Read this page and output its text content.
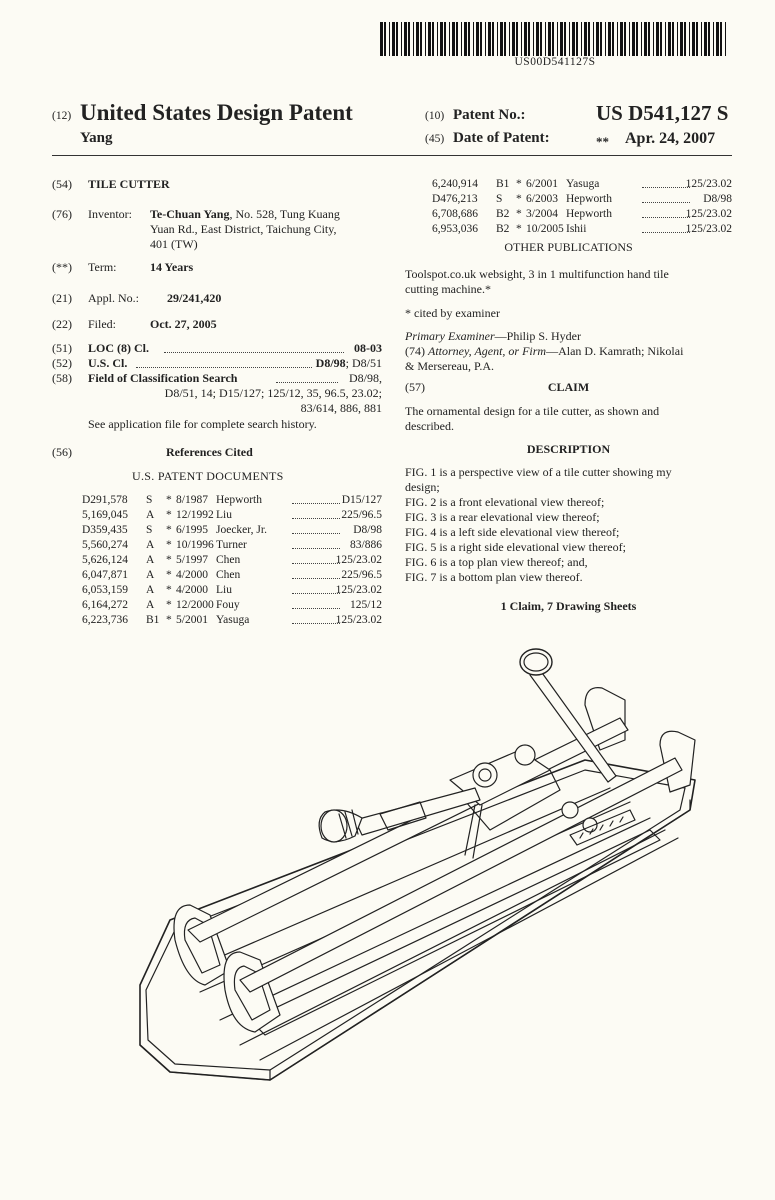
US00D541127S
(12) United States Design Patent
Yang
(10) Patent No.:	US D541,127 S
(45) Date of Patent:	** Apr. 24, 2007
(54) TILE CUTTER
(76) Inventor: Te-Chuan Yang, No. 528, Tung Kuang
Yuan Rd., East District, Taichung City,
401 (TW)
(**) Term:	14 Years
(21) Appl. No.: 29/241,420
(22) Filed:	Oct. 27, 2005
(51) LOC (8) Cl.	08-03
(52) U.S. Cl.	D8/98; D8/51
(58) Field of Classification Search	D8/98,
D8/51, 14; D15/127; 125/12, 35, 96.5, 23.02;
83/614, 886, 881
See application file for complete search history.
(56)	References Cited
U.S. PATENT DOCUMENTS
D291,578 S * 8/1987 Hepworth	D15/127
5,169,045 A * 12/1992 Liu	225/96.5
D359,435 S * 6/1995 Joecker, Jr.	D8/98
5,560,274 A * 10/1996 Turner	83/886
5,626,124 A * 5/1997 Chen	125/23.02
6,047,871 A * 4/2000 Chen	225/96.5
6,053,159 A * 4/2000 Liu	125/23.02
6,164,272 A * 12/2000 Fouy	125/12
6,223,736 B1 * 5/2001 Yasuga	125/23.02
6,240,914 B1 * 6/2001 Yasuga	125/23.02
D476,213 S * 6/2003 Hepworth	D8/98
6,708,686 B2 * 3/2004 Hepworth	125/23.02
6,953,036 B2 * 10/2005 Ishii	125/23.02
OTHER PUBLICATIONS
Toolspot.co.uk websight, 3 in 1 multifunction hand tile
cutting machine.*
* cited by examiner
Primary Examiner—Philip S. Hyder
(74) Attorney, Agent, or Firm—Alan D. Kamrath; Nikolai
& Mersereau, P.A.
(57)	CLAIM
The ornamental design for a tile cutter, as shown and
described.
DESCRIPTION
FIG. 1 is a perspective view of a tile cutter showing my
design;
FIG. 2 is a front elevational view thereof;
FIG. 3 is a rear elevational view thereof;
FIG. 4 is a left side elevational view thereof;
FIG. 5 is a right side elevational view thereof;
FIG. 6 is a top plan view thereof; and,
FIG. 7 is a bottom plan view thereof.
1 Claim, 7 Drawing Sheets
